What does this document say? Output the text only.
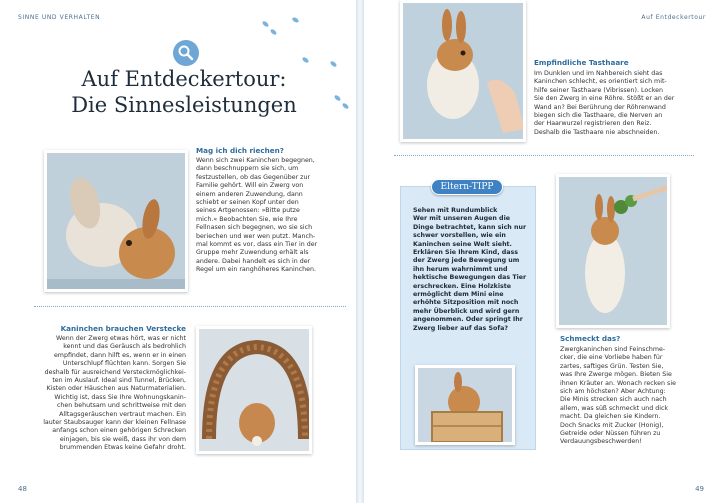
SINNE UND VERHALTEN
Auf Entdeckertour:
Die Sinnesleistungen
Mag ich dich riechen?
Wenn sich zwei Kaninchen begegnen,
dann beschnuppern sie sich, um
festzustellen, ob das Gegenüber zur
Familie gehört. Will ein Zwerg von
einem anderen Zuwendung, dann
schiebt er seinen Kopf unter den
seines Artgenossen: »Bitte putze
mich.« Beobachten Sie, wie Ihre
Fellnasen sich begegnen, wo sie sich
beriechen und wer wen putzt. Manch-
mal kommt es vor, dass ein Tier in der
Gruppe mehr Zuwendung erhält als
andere. Dabei handelt es sich in der
Regel um ein ranghöheres Kaninchen.
Kaninchen brauchen Verstecke
Wenn der Zwerg etwas hört, was er nicht
kennt und das Geräusch als bedrohlich
empfindet, dann hilft es, wenn er in einen
Unterschlupf flüchten kann. Sorgen Sie
deshalb für ausreichend Versteckmöglichkei-
ten im Auslauf. Ideal sind Tunnel, Brücken,
Kisten oder Häuschen aus Naturmaterialien.
Wichtig ist, dass Sie Ihre Wohnungskanin-
chen behutsam und schrittweise mit den
Alltagsgeräuschen vertraut machen. Ein
lauter Staubsauger kann der kleinen Fellnase
anfangs schon einen gehörigen Schrecken
einjagen, bis sie weiß, dass ihr von dem
brummenden Etwas keine Gefahr droht.
48
Auf Entdeckertour
Empfindliche Tasthaare
Im Dunklen und im Nahbereich sieht das
Kaninchen schlecht, es orientiert sich mit-
hilfe seiner Tasthaare (Vibrissen). Locken
Sie den Zwerg in eine Röhre. Stößt er an der
Wand an? Bei Berührung der Röhrenwand
biegen sich die Tasthaare, die Nerven an
der Haarwurzel registrieren den Reiz.
Deshalb die Tasthaare nie abschneiden.
Schmeckt das?
Zwergkaninchen sind Feinschme-
cker, die eine Vorliebe haben für
zartes, saftiges Grün. Testen Sie,
was Ihre Zwerge mögen. Bieten Sie
ihnen Kräuter an. Wonach recken sie
sich am höchsten? Aber Achtung:
Die Minis strecken sich auch nach
allem, was süß schmeckt und dick
macht. Da gleichen sie Kindern.
Doch Snacks mit Zucker (Honig),
Getreide oder Nüssen führen zu
Verdauungsbeschwerden!
49
Sehen mit Rundumblick
Wer mit unseren Augen die
Dinge betrachtet, kann sich nur
schwer vorstellen, wie ein
Kaninchen seine Welt sieht.
Erklären Sie Ihrem Kind, dass
der Zwerg jede Bewegung um
ihn herum wahrnimmt und
hektische Bewegungen das Tier
erschrecken. Eine Holzkiste
ermöglicht dem Mini eine
erhöhte Sitzposition mit noch
mehr Überblick und wird gern
angenommen. Oder springt Ihr
Zwerg lieber auf das Sofa?
Eltern-TIPP
